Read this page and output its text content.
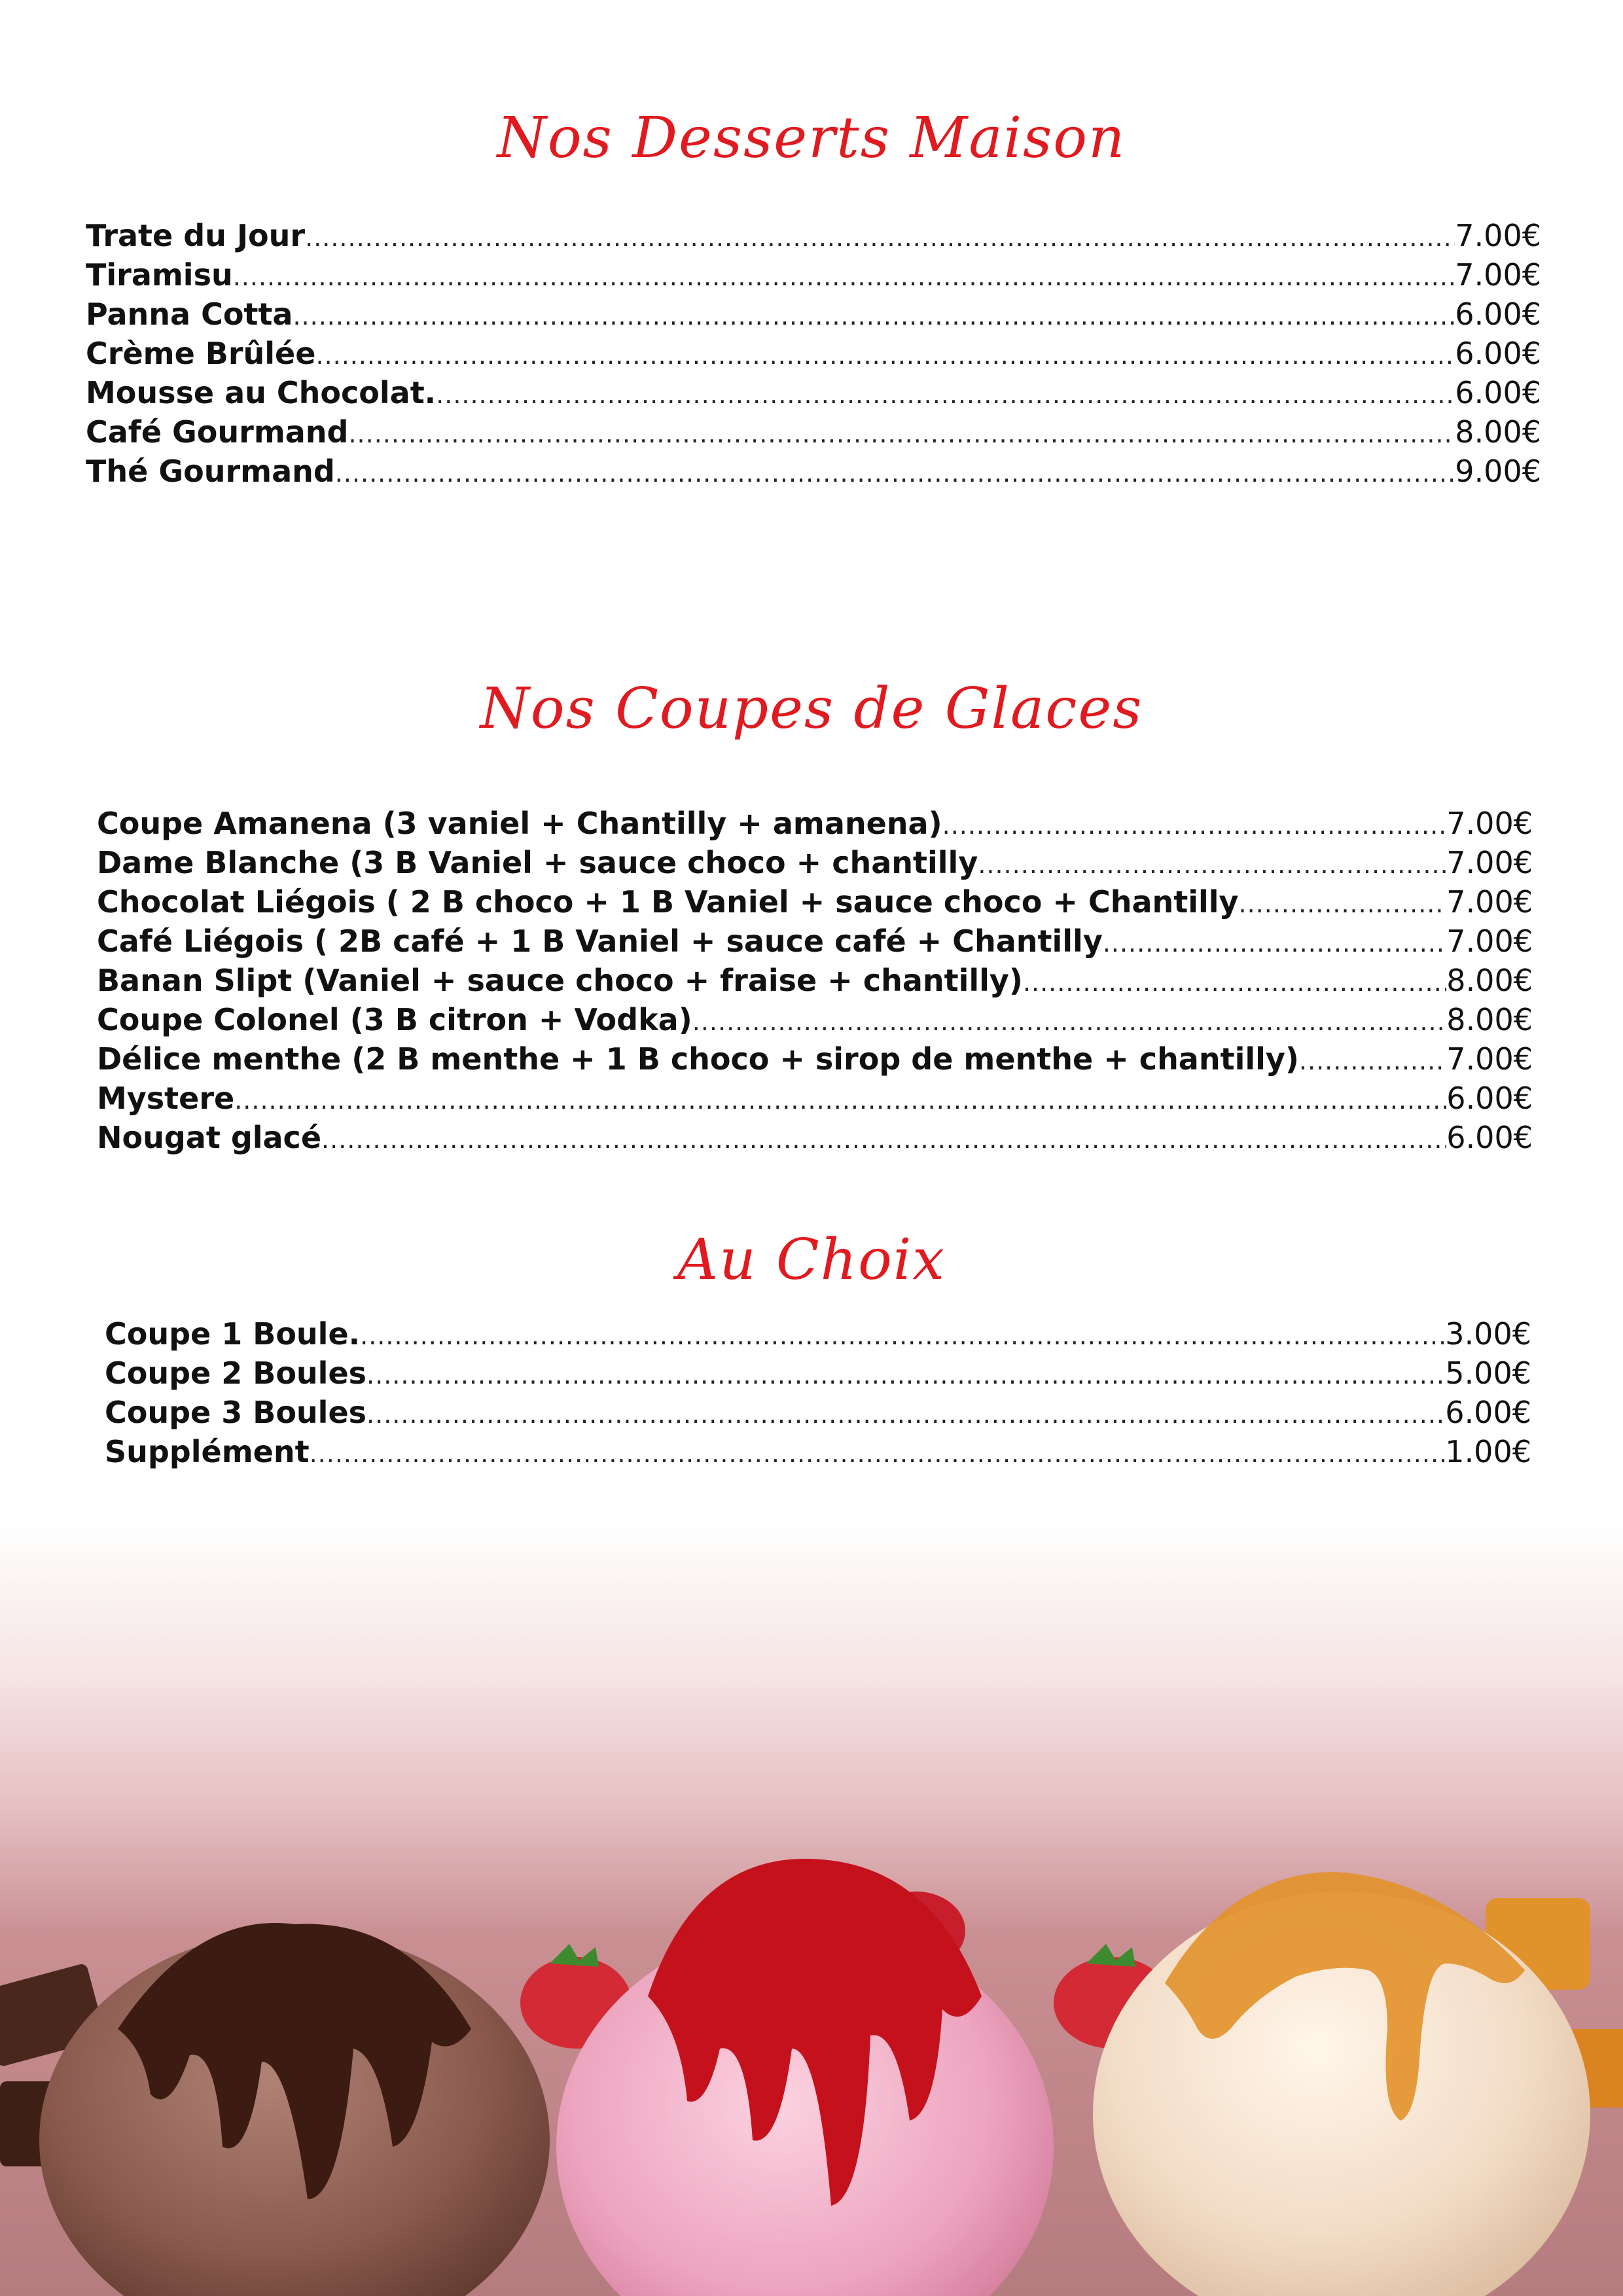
Nos Desserts Maison
Trate du Jour .....	7.00€
Tiramisu .....	7.00€
Panna Cotta .....	6.00€
Crème Brûlée .....	6.00€
Mousse au Chocolat. .....	6.00€
Café Gourmand .....	8.00€
Thé Gourmand .....	9.00€
Nos Coupes de Glaces
Coupe Amanena (3 vaniel + Chantilly + amanena) .....	7.00€
Dame Blanche (3 B Vaniel + sauce choco + chantilly .....	7.00€
Chocolat Liégois ( 2 B choco + 1 B Vaniel + sauce choco + Chantilly .....	7.00€
Café Liégois ( 2B café + 1 B Vaniel + sauce café + Chantilly .....	7.00€
Banan Slipt (Vaniel + sauce choco + fraise + chantilly) .....	8.00€
Coupe Colonel (3 B citron + Vodka) .....	8.00€
Délice menthe (2 B menthe + 1 B choco + sirop de menthe + chantilly) .....	7.00€
Mystere .....	6.00€
Nougat glacé .....	6.00€
Au Choix
Coupe 1 Boule. .....	3.00€
Coupe 2 Boules .....	5.00€
Coupe 3 Boules .....	6.00€
Supplément .....	1.00€
